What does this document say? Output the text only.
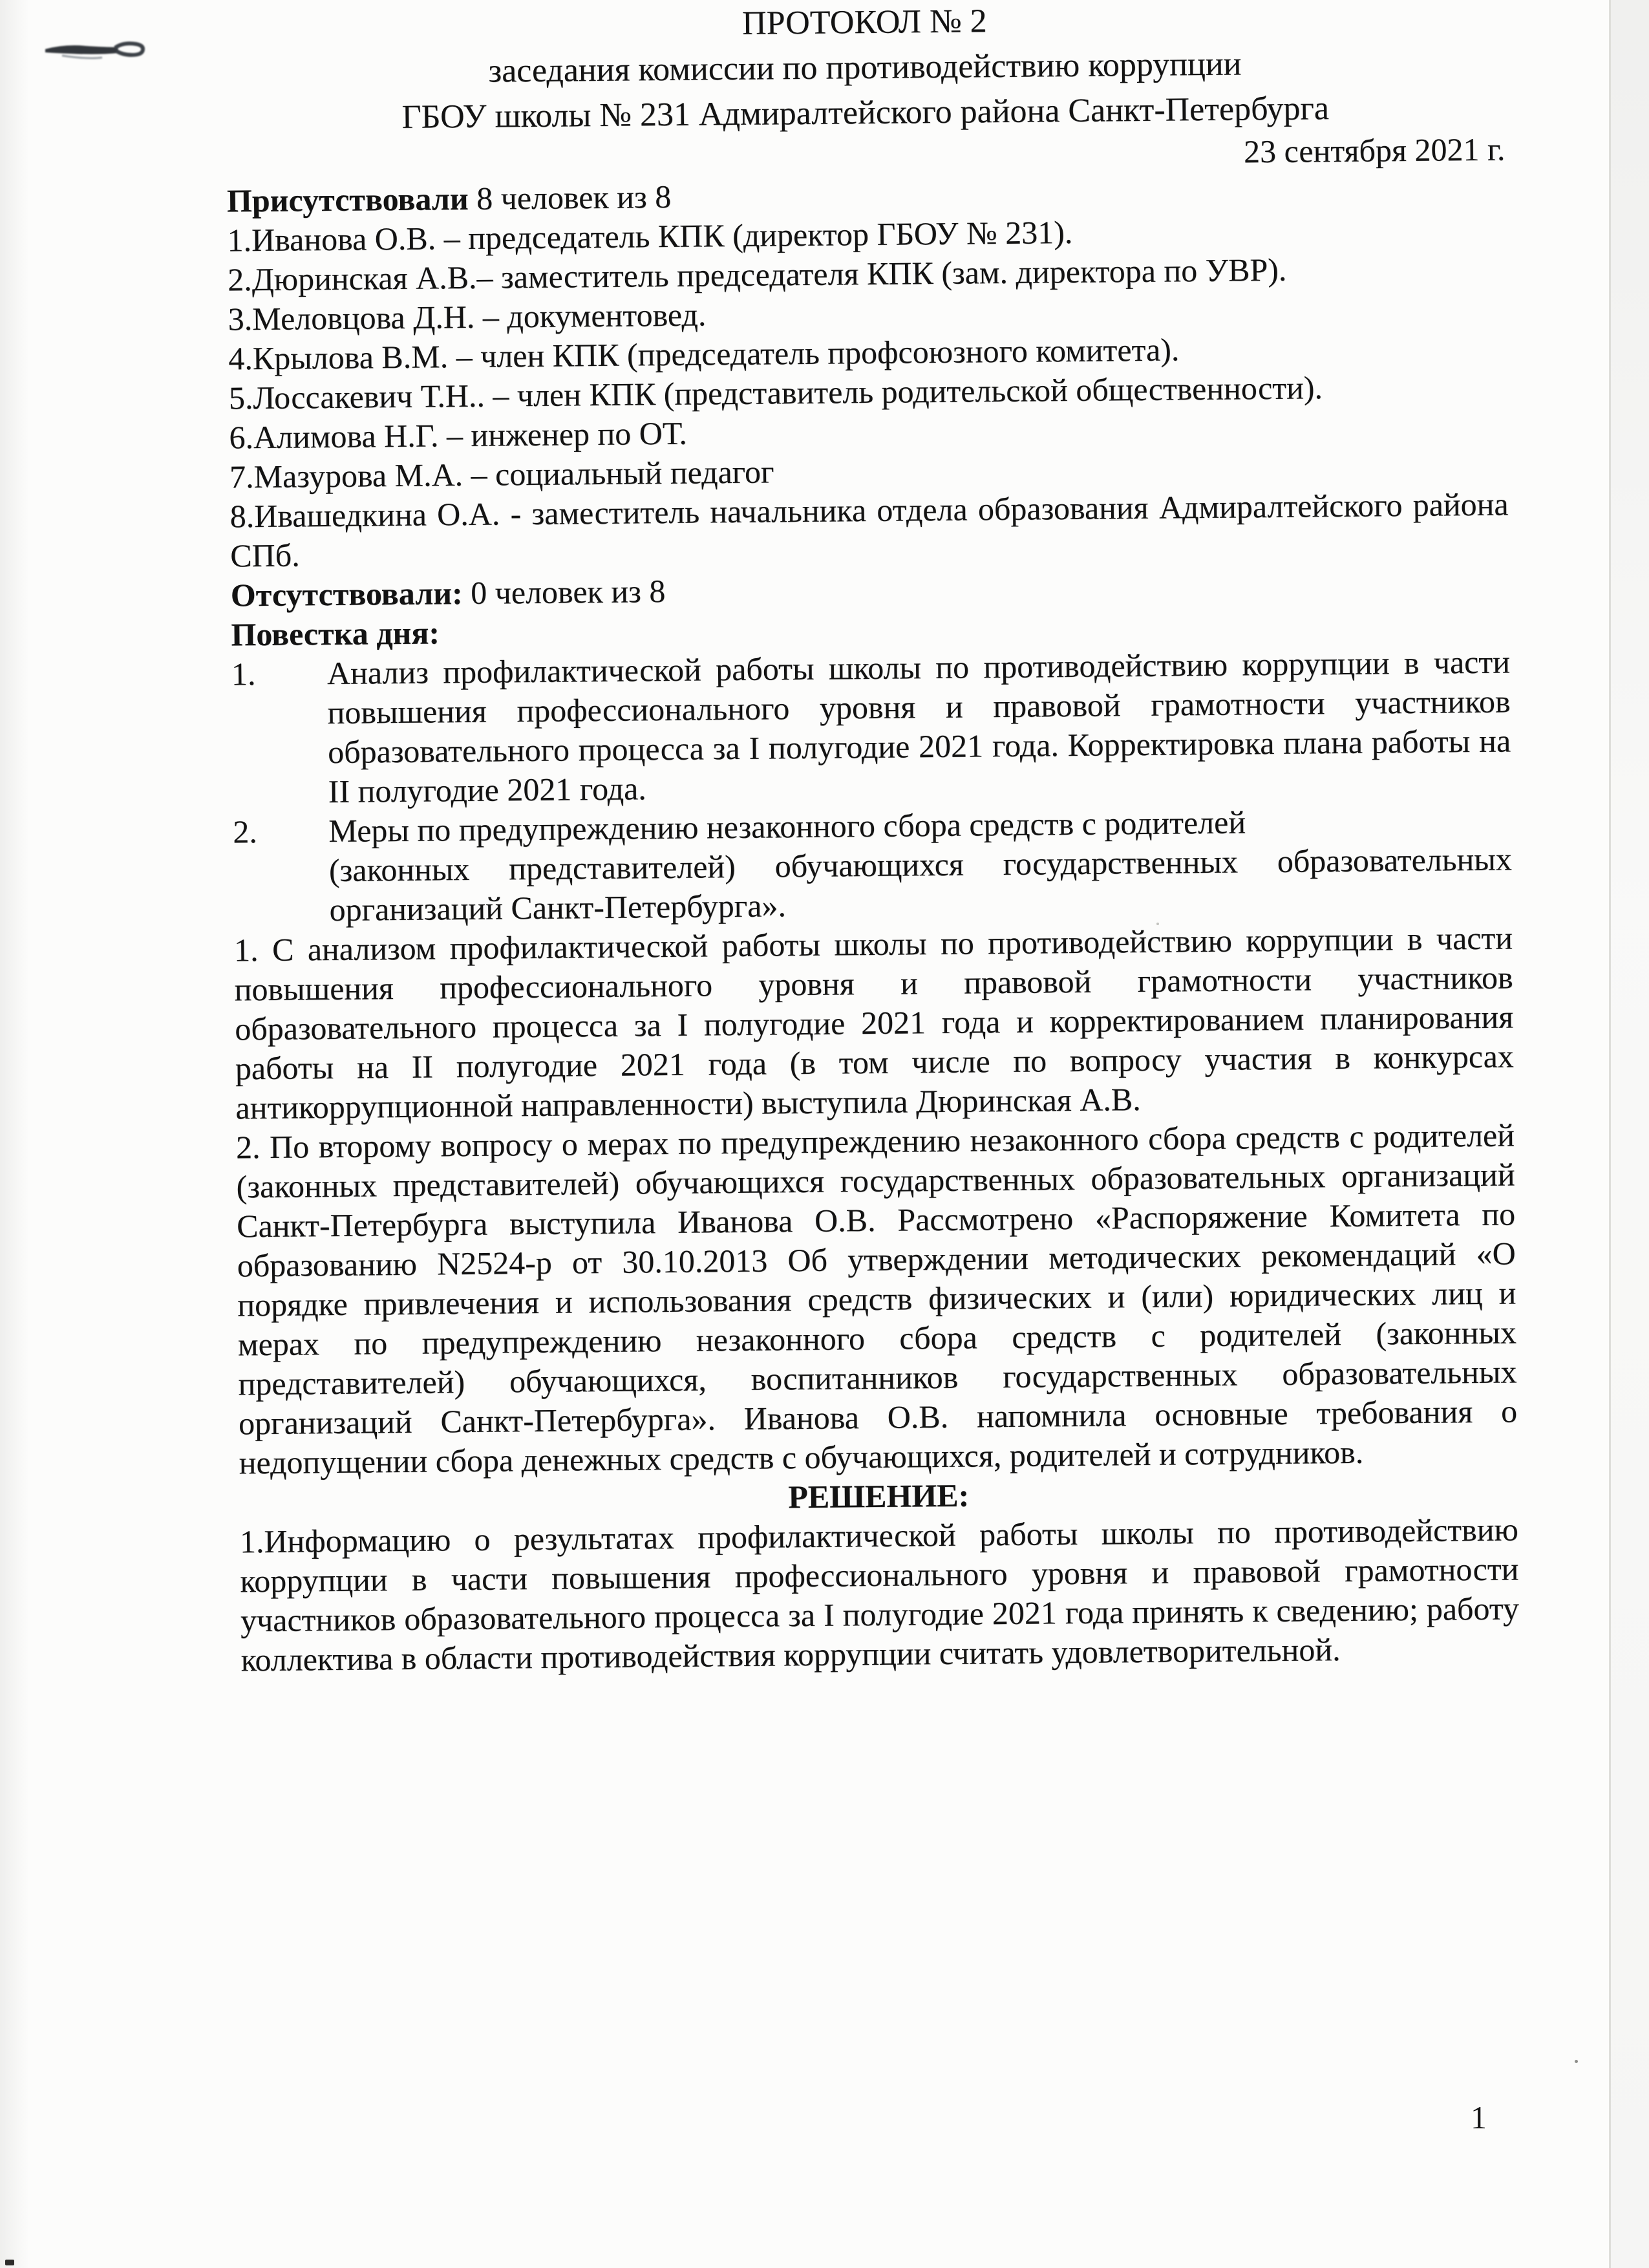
ПРОТОКОЛ № 2
заседания комиссии по противодействию коррупции
ГБОУ школы № 231 Адмиралтейского района Санкт-Петербурга
23 сентября 2021 г.

Присутствовали 8 человек из 8

1.Иванова О.В. – председатель КПК (директор ГБОУ № 231).
2.Дюринская А.В.– заместитель председателя КПК (зам. директора по УВР).
3.Меловцова Д.Н. – документовед.
4.Крылова В.М. – член КПК (председатель профсоюзного комитета).
5.Лоссакевич Т.Н.. – член КПК (представитель родительской общественности).
6.Алимова Н.Г. – инженер по ОТ.
7.Мазурова М.А. – социальный педагог
8.Ивашедкина О.А. - заместитель начальника отдела образования Адмиралтейского района СПб.

Отсутствовали: 0 человек из 8

Повестка дня:

1.	Анализ профилактической работы школы по противодействию коррупции в части повышения профессионального уровня и правовой грамотности участников образовательного процесса за I полугодие 2021 года. Корректировка плана работы на II полугодие 2021 года.
2.	Меры по предупреждению незаконного сбора средств с родителей
(законных представителей) обучающихся государственных образовательных
организаций Санкт-Петербурга».

1. С анализом профилактической работы школы по противодействию коррупции в части повышения профессионального уровня и правовой грамотности участников образовательного процесса за I полугодие 2021 года и корректированием планирования работы на II полугодие 2021 года (в том числе по вопросу участия в конкурсах антикоррупционной направленности) выступила Дюринская А.В.

2. По второму вопросу о мерах по предупреждению незаконного сбора средств с родителей (законных представителей) обучающихся государственных образовательных организаций Санкт-Петербурга выступила Иванова О.В. Рассмотрено «Распоряжение Комитета по образованию N2524-р от 30.10.2013 Об утверждении методических рекомендаций «О порядке привлечения и использования средств физических и (или) юридических лиц и мерах по предупреждению незаконного сбора средств с родителей (законных представителей) обучающихся, воспитанников государственных образовательных организаций Санкт-Петербурга». Иванова О.В. напомнила основные требования о недопущении сбора денежных средств с обучающихся, родителей и сотрудников.

РЕШЕНИЕ:

1.Информацию о результатах профилактической работы школы по противодействию коррупции в части повышения профессионального уровня и правовой грамотности участников образовательного процесса за I полугодие 2021 года принять к сведению; работу коллектива в области противодействия коррупции считать удовлетворительной.

1
